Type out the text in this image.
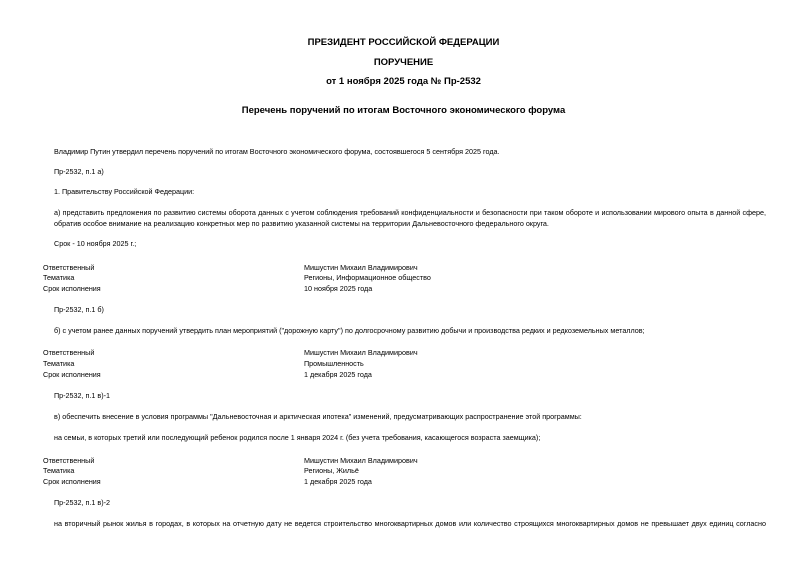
ПРЕЗИДЕНТ РОССИЙСКОЙ ФЕДЕРАЦИИ
ПОРУЧЕНИЕ
от 1 ноября 2025 года № Пр-2532
Перечень поручений по итогам Восточного экономического форума
Владимир Путин утвердил перечень поручений по итогам Восточного экономического форума, состоявшегося 5 сентября 2025 года.
Пр-2532, п.1 а)
1. Правительству Российской Федерации:
а) представить предложения по развитию системы оборота данных с учетом соблюдения требований конфиденциальности и безопасности при таком обороте и использовании мирового опыта в данной сфере,
обратив особое внимание на реализацию конкретных мер по развитию указанной системы на территории Дальневосточного федерального округа.
Срок - 10 ноября 2025 г.;
Ответственный
Тематика
Срок исполнения
Мишустин Михаил Владимирович
Регионы, Информационное общество
10 ноября 2025 года
Пр-2532, п.1 б)
б) с учетом ранее данных поручений утвердить план мероприятий ("дорожную карту") по долгосрочному развитию добычи и производства редких и редкоземельных металлов;
Ответственный
Тематика
Срок исполнения
Мишустин Михаил Владимирович
Промышленность
1 декабря 2025 года
Пр-2532, п.1 в)-1
в) обеспечить внесение в условия программы "Дальневосточная и арктическая ипотека" изменений, предусматривающих распространение этой программы:
на семьи, в которых третий или последующий ребенок родился после 1 января 2024 г. (без учета требования, касающегося возраста заемщика);
Ответственный
Тематика
Срок исполнения
Мишустин Михаил Владимирович
Регионы, Жильё
1 декабря 2025 года
Пр-2532, п.1 в)-2
на вторичный рынок жилья в городах, в которых на отчетную дату не ведется строительство многоквартирных домов или количество строящихся многоквартирных домов не превышает двух единиц согласно
